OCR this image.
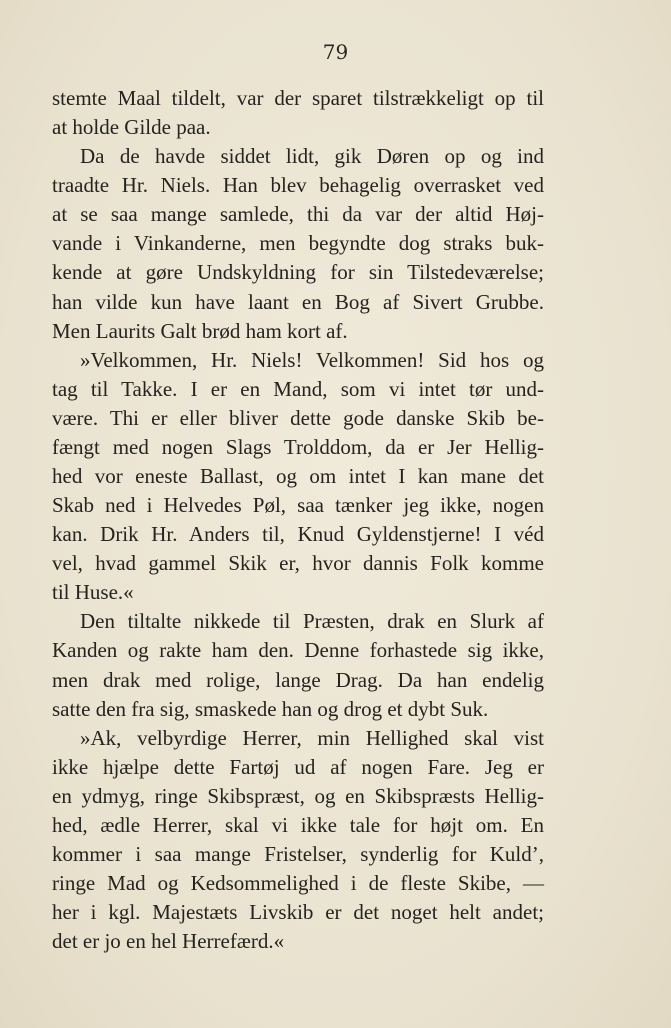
79
stemte Maal tildelt, var der sparet tilstrækkeligt op til
at holde Gilde paa.
Da de havde siddet lidt, gik Døren op og ind
traadte Hr. Niels. Han blev behagelig overrasket ved
at se saa mange samlede, thi da var der altid Høj-
vande i Vinkanderne, men begyndte dog straks buk-
kende at gøre Undskyldning for sin Tilstedeværelse;
han vilde kun have laant en Bog af Sivert Grubbe.
Men Laurits Galt brød ham kort af.
»Velkommen, Hr. Niels! Velkommen! Sid hos og
tag til Takke. I er en Mand, som vi intet tør und-
være. Thi er eller bliver dette gode danske Skib be-
fængt med nogen Slags Trolddom, da er Jer Hellig-
hed vor eneste Ballast, og om intet I kan mane det
Skab ned i Helvedes Pøl, saa tænker jeg ikke, nogen
kan. Drik Hr. Anders til, Knud Gyldenstjerne! I véd
vel, hvad gammel Skik er, hvor dannis Folk komme
til Huse.«
Den tiltalte nikkede til Præsten, drak en Slurk af
Kanden og rakte ham den. Denne forhastede sig ikke,
men drak med rolige, lange Drag. Da han endelig
satte den fra sig, smaskede han og drog et dybt Suk.
»Ak, velbyrdige Herrer, min Hellighed skal vist
ikke hjælpe dette Fartøj ud af nogen Fare. Jeg er
en ydmyg, ringe Skibspræst, og en Skibspræsts Hellig-
hed, ædle Herrer, skal vi ikke tale for højt om. En
kommer i saa mange Fristelser, synderlig for Kuld’,
ringe Mad og Kedsommelighed i de fleste Skibe, —
her i kgl. Majestæts Livskib er det noget helt andet;
det er jo en hel Herrefærd.«
